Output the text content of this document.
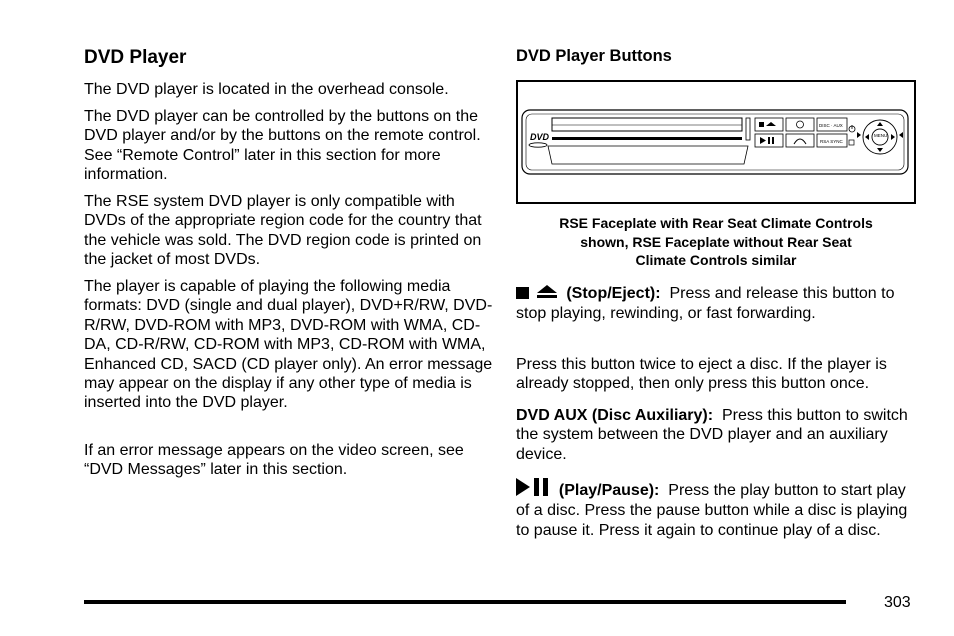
DVD Player

The DVD player is located in the overhead console.

The DVD player can be controlled by the buttons on the DVD player and/or by the buttons on the remote control. See “Remote Control” later in this section for more information.

The RSE system DVD player is only compatible with DVDs of the appropriate region code for the country that the vehicle was sold. The DVD region code is printed on the jacket of most DVDs.

The player is capable of playing the following media formats: DVD (single and dual player), DVD+R/RW, DVD-R/RW, DVD-ROM with MP3, DVD-ROM with WMA, CD-DA, CD-R/RW, CD-ROM with MP3, CD-ROM with WMA, Enhanced CD, SACD (CD player only). An error message may appear on the display if any other type of media is inserted into the DVD player.

If an error message appears on the video screen, see “DVD Messages” later in this section.

DVD Player Buttons
RSE Faceplate with Rear Seat Climate Controls shown, RSE Faceplate without Rear Seat Climate Controls similar

(Stop/Eject): Press and release this button to stop playing, rewinding, or fast forwarding.

Press this button twice to eject a disc. If the player is already stopped, then only press this button once.

DVD AUX (Disc Auxiliary): Press this button to switch the system between the DVD player and an auxiliary device.

(Play/Pause): Press the play button to start play of a disc. Press the pause button while a disc is playing to pause it. Press it again to continue play of a disc.

DVD
DISC · AUX
RSA SYNC
MENU
303
